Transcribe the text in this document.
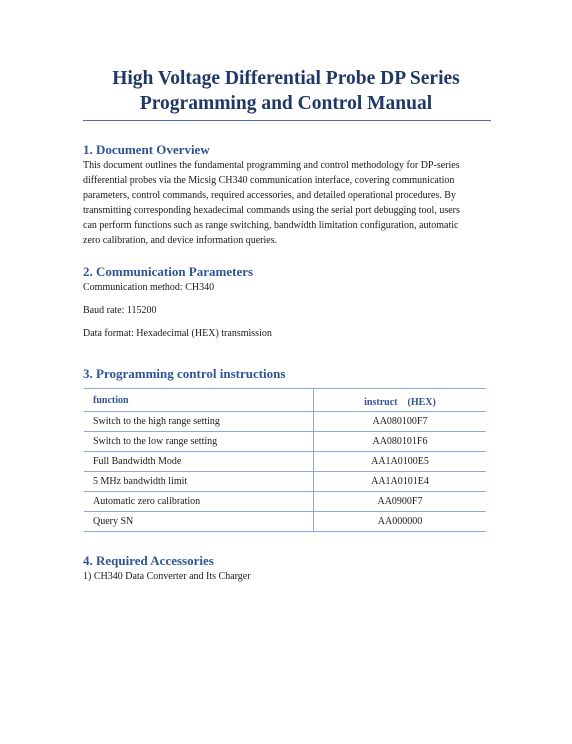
High Voltage Differential Probe DP Series
Programming and Control Manual
1. Document Overview
This document outlines the fundamental programming and control methodology for DP-series
differential probes via the Micsig CH340 communication interface, covering communication
parameters, control commands, required accessories, and detailed operational procedures. By
transmitting corresponding hexadecimal commands using the serial port debugging tool, users
can perform functions such as range switching, bandwidth limitation configuration, automatic
zero calibration, and device information queries.
2. Communication Parameters

Communication method: CH340

Baud rate: 115200

Data format: Hexadecimal (HEX) transmission

3. Programming control instructions
function	instruct　(HEX)
Switch to the high range setting	AA080100F7
Switch to the low range setting	AA080101F6
Full Bandwidth Mode	AA1A0100E5
5 MHz bandwidth limit	AA1A0101E4
Automatic zero calibration	AA0900F7
Query SN	AA000000
4. Required Accessories

1) CH340 Data Converter and Its Charger
